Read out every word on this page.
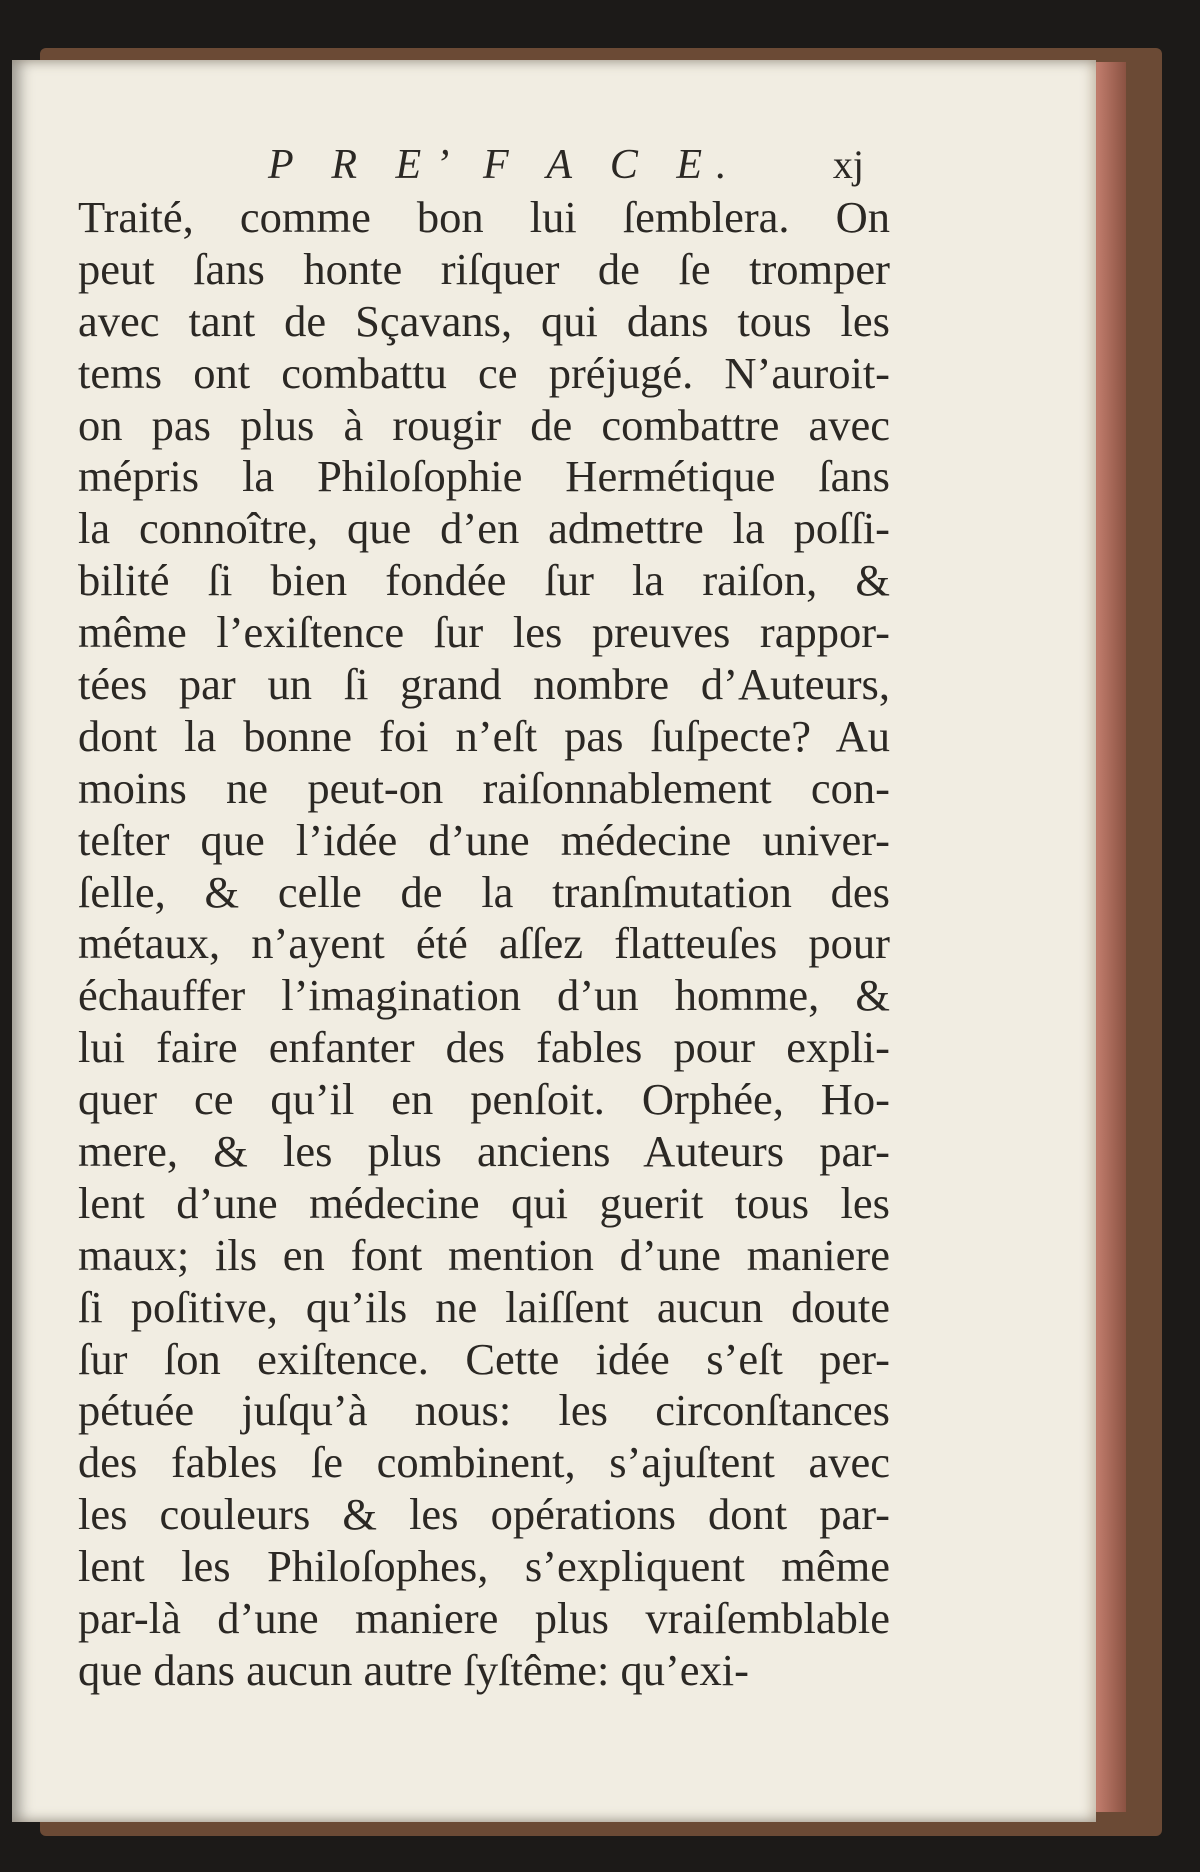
P R E’ F A C E. xj
Traité, comme bon lui ſemblera. On
peut ſans honte riſquer de ſe tromper
avec tant de Sçavans, qui dans tous les
tems ont combattu ce préjugé. N’auroit-
on pas plus à rougir de combattre avec
mépris la Philoſophie Hermétique ſans
la connoître, que d’en admettre la poſſi-
bilité ſi bien fondée ſur la raiſon, &
même l’exiſtence ſur les preuves rappor-
tées par un ſi grand nombre d’Auteurs,
dont la bonne foi n’eſt pas ſuſpecte? Au
moins ne peut-on raiſonnablement con-
teſter que l’idée d’une médecine univer-
ſelle, & celle de la tranſmutation des
métaux, n’ayent été aſſez flatteuſes pour
échauffer l’imagination d’un homme, &
lui faire enfanter des fables pour expli-
quer ce qu’il en penſoit. Orphée, Ho-
mere, & les plus anciens Auteurs par-
lent d’une médecine qui guerit tous les
maux; ils en font mention d’une maniere
ſi poſitive, qu’ils ne laiſſent aucun doute
ſur ſon exiſtence. Cette idée s’eſt per-
pétuée juſqu’à nous: les circonſtances
des fables ſe combinent, s’ajuſtent avec
les couleurs & les opérations dont par-
lent les Philoſophes, s’expliquent même
par-là d’une maniere plus vraiſemblable
que dans aucun autre ſyſtême: qu’exi-
